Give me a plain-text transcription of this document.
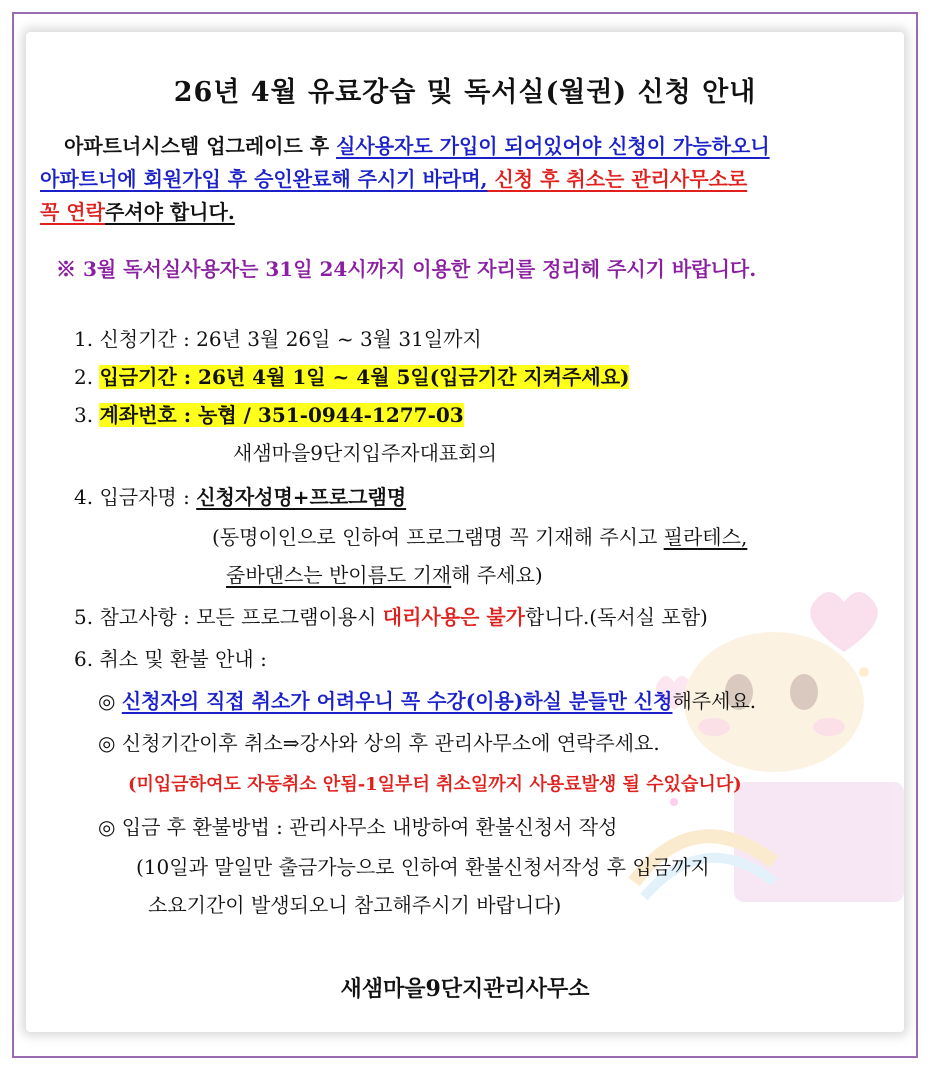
26년 4월 유료강습 및 독서실(월권) 신청 안내
아파트너시스템 업그레이드 후 실사용자도 가입이 되어있어야 신청이 가능하오니
아파트너에 회원가입 후 승인완료해 주시기 바라며, 신청 후 취소는 관리사무소로
꼭 연락주셔야 합니다.
※ 3월 독서실사용자는 31일 24시까지 이용한 자리를 정리헤 주시기 바랍니다.
1. 신청기간 : 26년 3월 26일 ~ 3월 31일까지
2. 입금기간 : 26년 4월 1일 ~ 4월 5일(입금기간 지켜주세요)
3. 계좌번호 : 농협 / 351-0944-1277-03
새샘마을9단지입주자대표회의
4. 입금자명 : 신청자성명+프로그램명
(동명이인으로 인하여 프로그램명 꼭 기재해 주시고 필라테스,
줌바댄스는 반이름도 기재해 주세요)
5. 참고사항 : 모든 프로그램이용시 대리사용은 불가합니다.(독서실 포함)
6. 취소 및 환불 안내 :
◎ 신청자의 직접 취소가 어려우니 꼭 수강(이용)하실 분들만 신청해주세요.
◎ 신청기간이후 취소⇒강사와 상의 후 관리사무소에 연락주세요.
(미입금하여도 자동취소 안됨-1일부터 취소일까지 사용료발생 될 수있습니다)
◎ 입금 후 환불방법 : 관리사무소 내방하여 환불신청서 작성
(10일과 말일만 출금가능으로 인하여 환불신청서작성 후 입금까지
소요기간이 발생되오니 참고해주시기 바랍니다)
새샘마을9단지관리사무소
